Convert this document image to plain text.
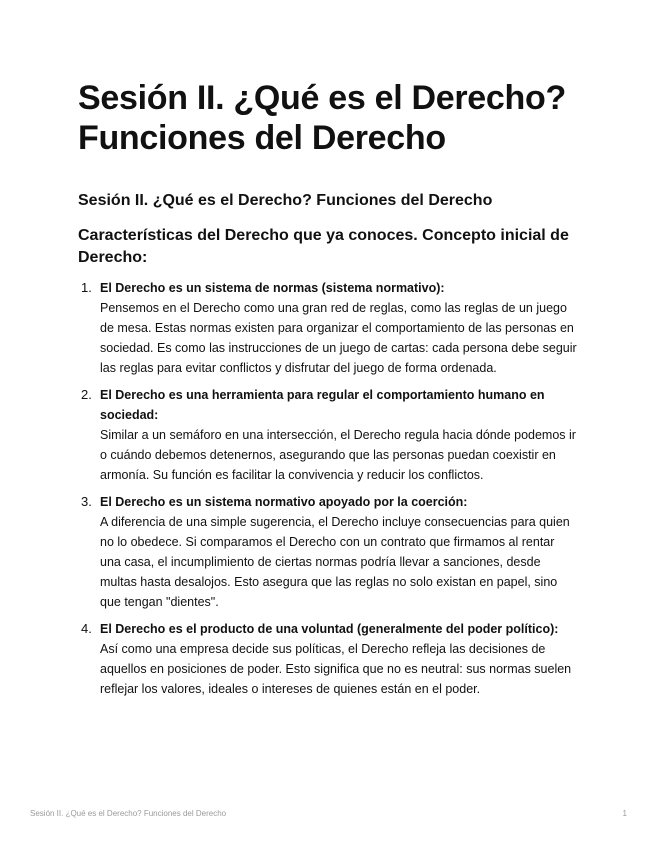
Sesión II. ¿Qué es el Derecho? Funciones del Derecho
Sesión II. ¿Qué es el Derecho? Funciones del Derecho
Características del Derecho que ya conoces. Concepto inicial de Derecho:
1. El Derecho es un sistema de normas (sistema normativo):
Pensemos en el Derecho como una gran red de reglas, como las reglas de un juego de mesa. Estas normas existen para organizar el comportamiento de las personas en sociedad. Es como las instrucciones de un juego de cartas: cada persona debe seguir las reglas para evitar conflictos y disfrutar del juego de forma ordenada.
2. El Derecho es una herramienta para regular el comportamiento humano en sociedad:
Similar a un semáforo en una intersección, el Derecho regula hacia dónde podemos ir o cuándo debemos detenernos, asegurando que las personas puedan coexistir en armonía. Su función es facilitar la convivencia y reducir los conflictos.
3. El Derecho es un sistema normativo apoyado por la coerción:
A diferencia de una simple sugerencia, el Derecho incluye consecuencias para quien no lo obedece. Si comparamos el Derecho con un contrato que firmamos al rentar una casa, el incumplimiento de ciertas normas podría llevar a sanciones, desde multas hasta desalojos. Esto asegura que las reglas no solo existan en papel, sino que tengan "dientes".
4. El Derecho es el producto de una voluntad (generalmente del poder político):
Así como una empresa decide sus políticas, el Derecho refleja las decisiones de aquellos en posiciones de poder. Esto significa que no es neutral: sus normas suelen reflejar los valores, ideales o intereses de quienes están en el poder.
Sesión II. ¿Qué es el Derecho? Funciones del Derecho	1
